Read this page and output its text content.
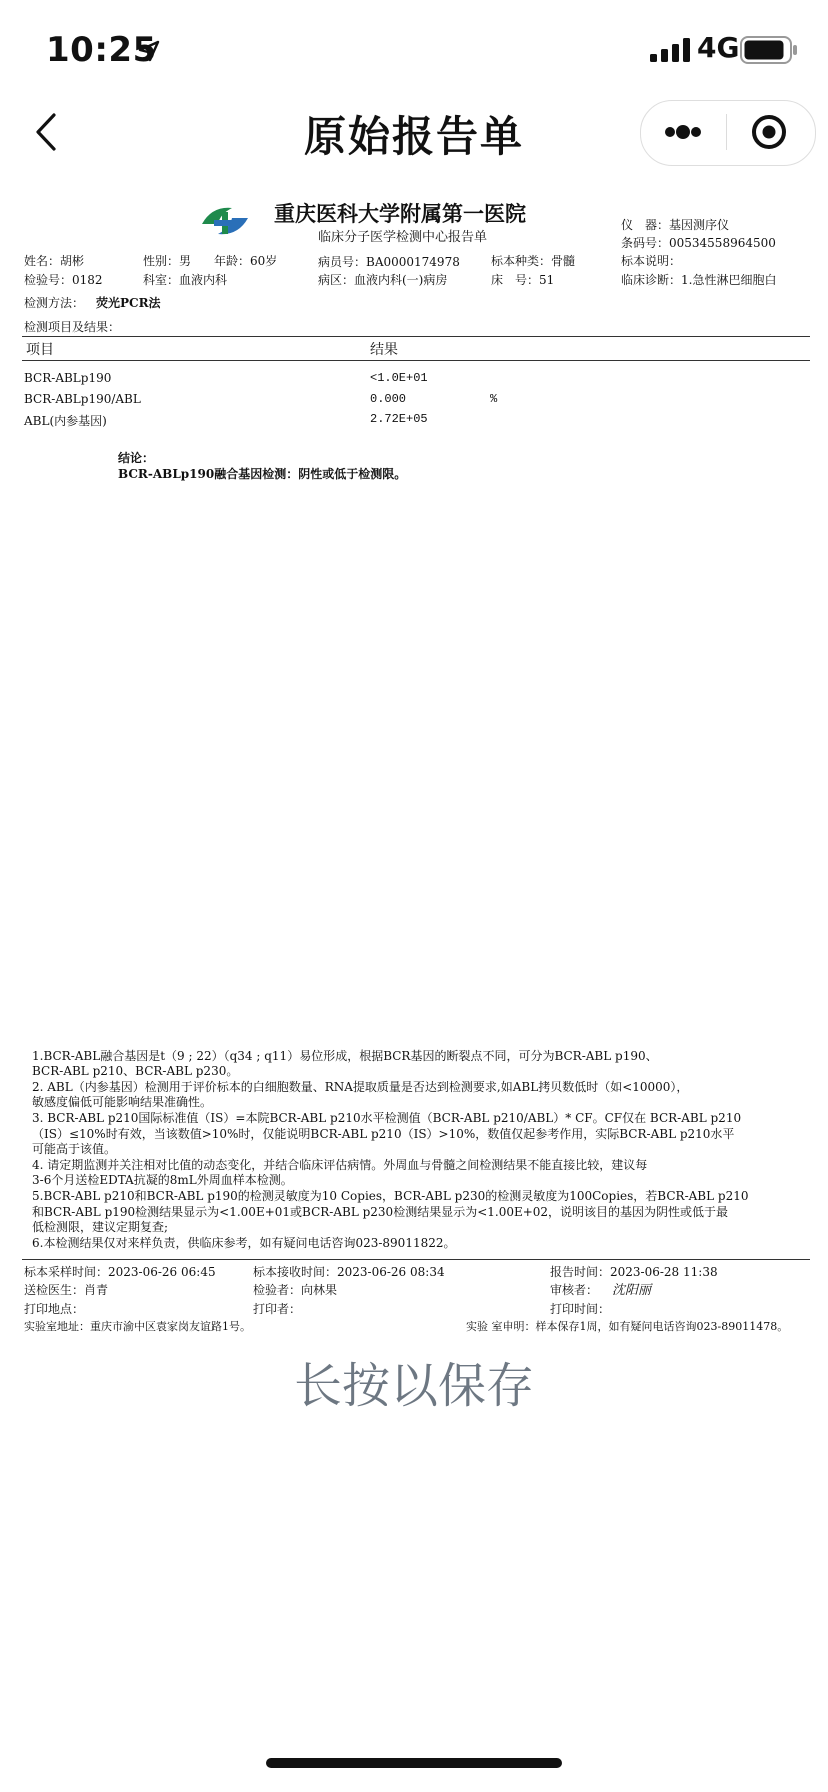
10:25	4G
原始报告单
重庆医科大学附属第一医院
临床分子医学检测中心报告单
仪　器：基因测序仪
条码号：00534558964500
标本说明：
临床诊断：1.急性淋巴细胞白
姓名：胡彬	性别：男 年龄：60岁	病员号：BA0000174978	标本种类：骨髓
检验号：0182	科室：血液内科	病区：血液内科(一)病房	床　号：51
检测方法： 荧光PCR法
检测项目及结果：
项目	结果
BCR-ABLp190	<1.0E+01
BCR-ABLp190/ABL	0.000	%
ABL(内参基因)	2.72E+05
结论：
BCR-ABLp190融合基因检测：阴性或低于检测限。
1.BCR-ABL融合基因是t（9 ; 22）（q34 ; q11）易位形成，根据BCR基因的断裂点不同，可分为BCR-ABL p190、
BCR-ABL p210、BCR-ABL p230。
2. ABL（内参基因）检测用于评价标本的白细胞数量、RNA提取质量是否达到检测要求,如ABL拷贝数低时（如<10000），
敏感度偏低可能影响结果准确性。
3. BCR-ABL p210国际标准值（IS）=本院BCR-ABL p210水平检测值（BCR-ABL p210/ABL）* CF。CF仅在 BCR-ABL p210
（IS）≤10%时有效，当该数值>10%时，仅能说明BCR-ABL p210（IS）>10%，数值仅起参考作用，实际BCR-ABL p210水平
可能高于该值。
4. 请定期监测并关注相对比值的动态变化，并结合临床评估病情。外周血与骨髓之间检测结果不能直接比较，建议每
3-6个月送检EDTA抗凝的8mL外周血样本检测。
5.BCR-ABL p210和BCR-ABL p190的检测灵敏度为10 Copies，BCR-ABL p230的检测灵敏度为100Copies，若BCR-ABL p210
和BCR-ABL p190检测结果显示为<1.00E+01或BCR-ABL p230检测结果显示为<1.00E+02，说明该目的基因为阴性或低于最
低检测限，建议定期复查;
6.本检测结果仅对来样负责，供临床参考，如有疑问电话咨询023-89011822。
标本采样时间：2023-06-26 06:45	标本接收时间：2023-06-26 08:34	报告时间：2023-06-28 11:38
送检医生：肖青	检验者：向林果	审核者： 沈阳丽
打印地点：	打印者：	打印时间：
实验室地址：重庆市渝中区袁家岗友谊路1号。	实验 室申明：样本保存1周，如有疑问电话咨询023-89011478。
长按以保存
